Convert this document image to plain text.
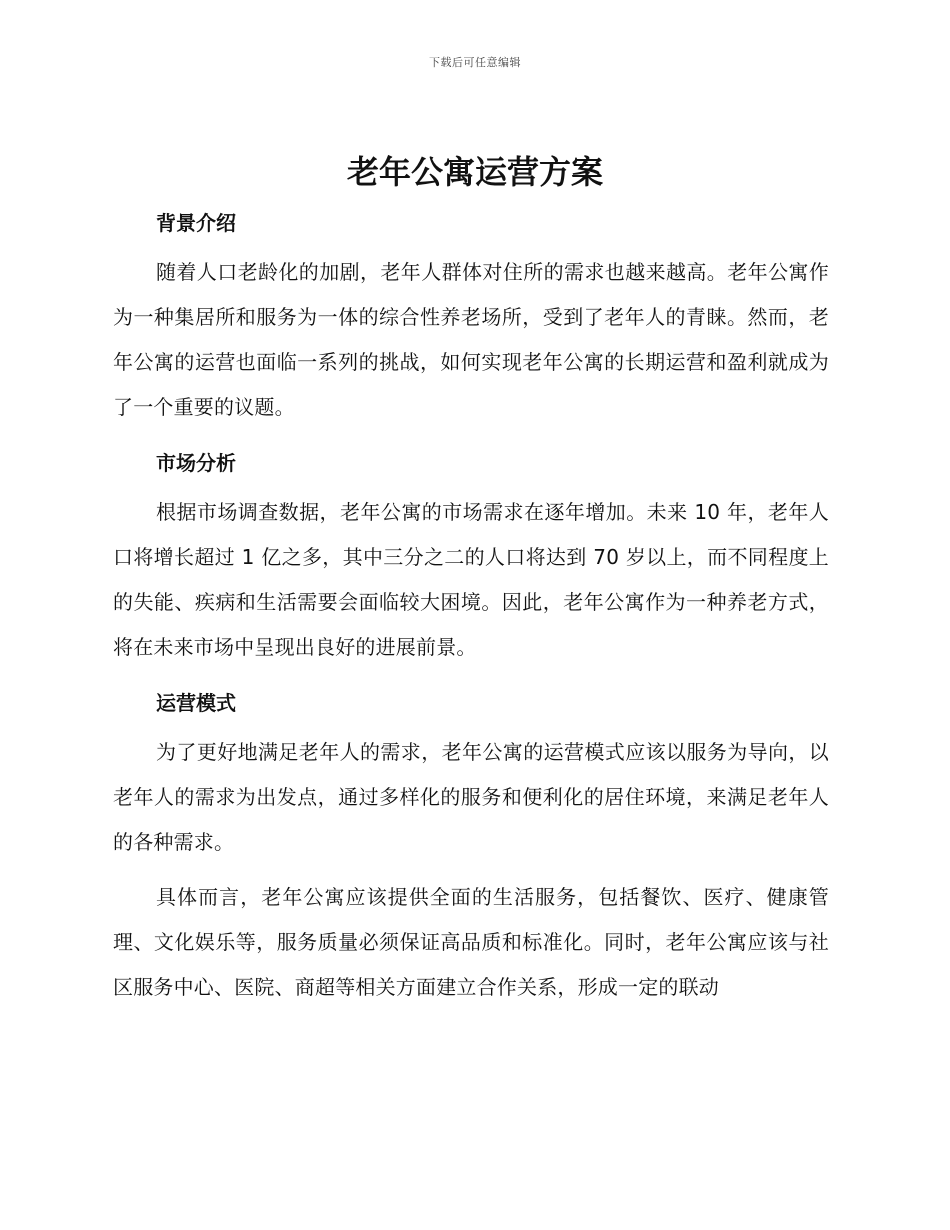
下载后可任意编辑
老年公寓运营方案
背景介绍

随着人口老龄化的加剧，老年人群体对住所的需求也越来越高。老年公寓作为一种集居所和服务为一体的综合性养老场所，受到了老年人的青睐。然而，老年公寓的运营也面临一系列的挑战，如何实现老年公寓的长期运营和盈利就成为了一个重要的议题。

市场分析

根据市场调查数据，老年公寓的市场需求在逐年增加。未来 10 年，老年人口将增长超过 1 亿之多，其中三分之二的人口将达到 70 岁以上，而不同程度上的失能、疾病和生活需要会面临较大困境。因此，老年公寓作为一种养老方式，将在未来市场中呈现出良好的进展前景。

运营模式

为了更好地满足老年人的需求，老年公寓的运营模式应该以服务为导向，以老年人的需求为出发点，通过多样化的服务和便利化的居住环境，来满足老年人的各种需求。

具体而言，老年公寓应该提供全面的生活服务，包括餐饮、医疗、健康管理、文化娱乐等，服务质量必须保证高品质和标准化。同时，老年公寓应该与社区服务中心、医院、商超等相关方面建立合作关系，形成一定的联动
